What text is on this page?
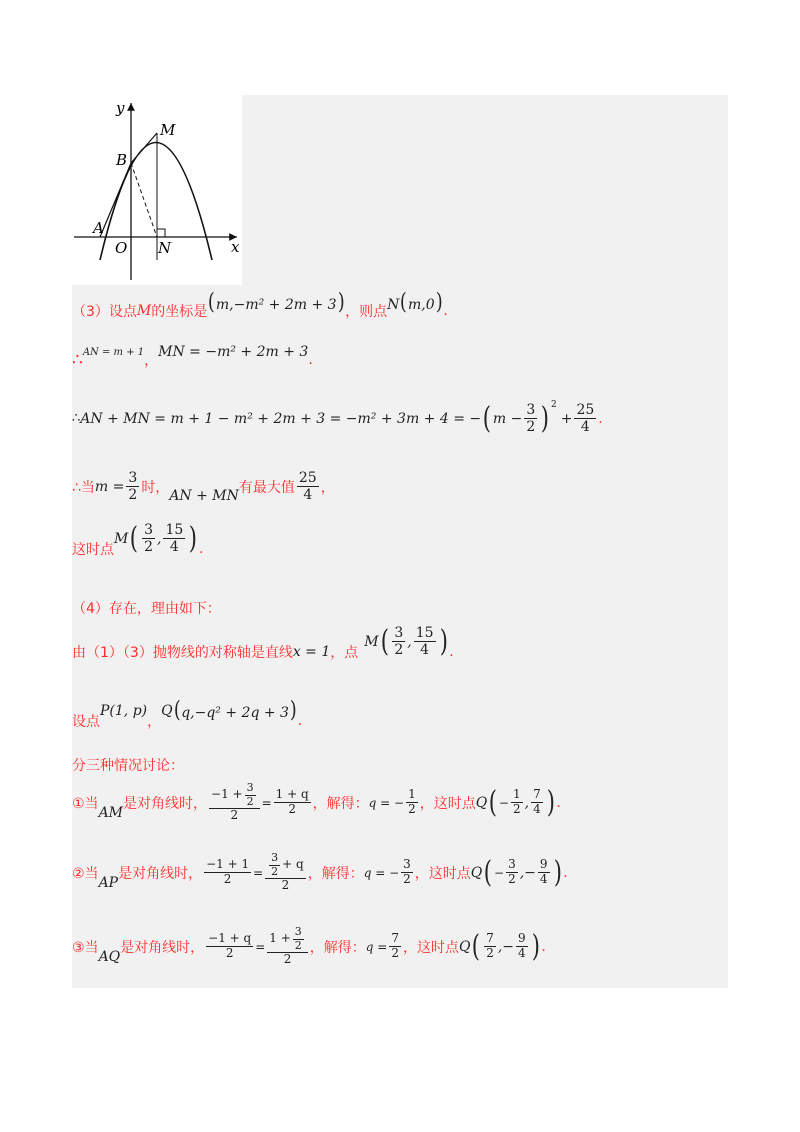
y
x
M
B
A
O N
（3）设点 M 的坐标是 (m,−m² + 2m + 3) ，则点 N(m,0) .
∴ AN = m + 1
，
MN = −m² + 2m + 3 .
∴ AN + MN = m + 1 − m² + 2m + 3 = −m² + 3m + 4 = − ( $m - \frac{3}{2}$ ) 2
+ $\frac{25}{4}$ .
∴当 $m = \frac{3}{2}$ 时， AN + MN 有最大值 $\frac{25}{4}$ ，
这时点
M ( $\frac{3}{2}$ , $\frac{15}{4}$ ) .
（4）存在，理由如下：
由（1）（3）抛物线的对称轴是直线 x = 1 ，点
M ( $\frac{3}{2}$ , $\frac{15}{4}$ ) .
设点
P(1, p)
，
Q (q,−q² + 2q + 3) .
分三种情况讨论：
①当
AM
是对角线时， $\frac{-1 + \frac{3}{2}}{2} = \frac{1 + q}{2}$ ，解得： q = − $\frac{1}{2}$ ，这时点 Q ( − $\frac{1}{2}$ , $\frac{7}{4}$ ) .
②当
AP
是对角线时， $\frac{-1 + 1}{2} = \frac{\frac{3}{2} + q}{2}$ ，解得： q = − $\frac{3}{2}$ ，这时点 Q ( − $\frac{3}{2}$ ,− $\frac{9}{4}$ ) .
③当
AQ
是对角线时， $\frac{-1 + q}{2} = \frac{1 + \frac{3}{2}}{2}$ ，解得： $q = \frac{7}{2}$ ，这时点 Q ( $\frac{7}{2}$ ,− $\frac{9}{4}$ ) .
